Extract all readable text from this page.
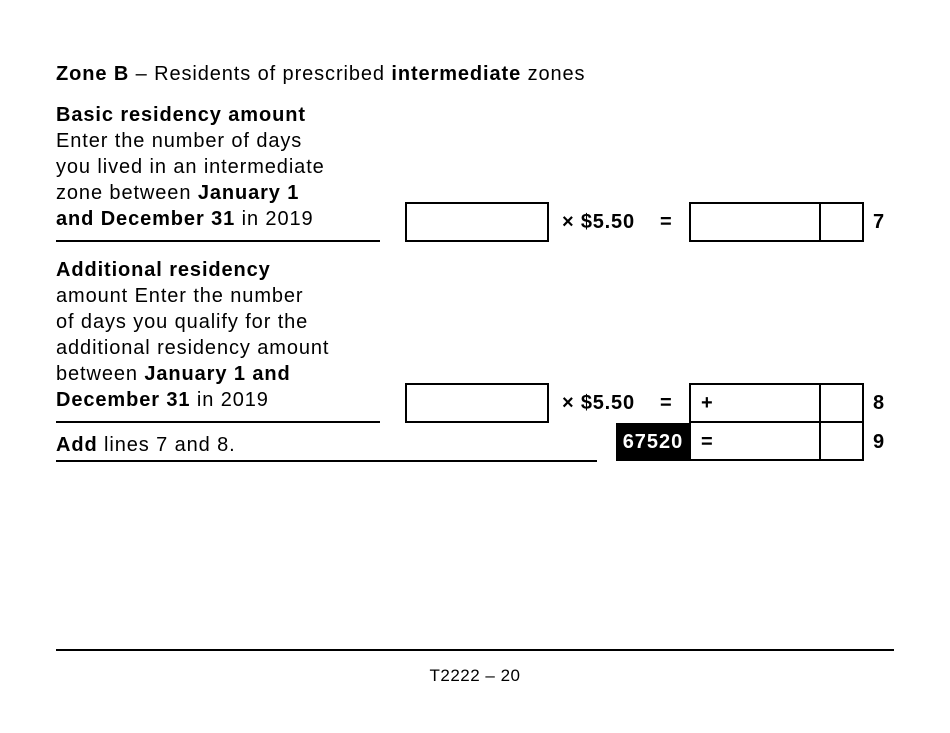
Zone B – Residents of prescribed intermediate zones
Basic residency amount
Enter the number of days
you lived in an intermediate
zone between January 1
and December 31 in 2019	× $5.50 =	7
Additional residency
amount Enter the number
of days you qualify for the
additional residency amount
between January 1 and
December 31 in 2019	× $5.50 = +	8
Add lines 7 and 8.	67520 =	9
T2222 – 20
